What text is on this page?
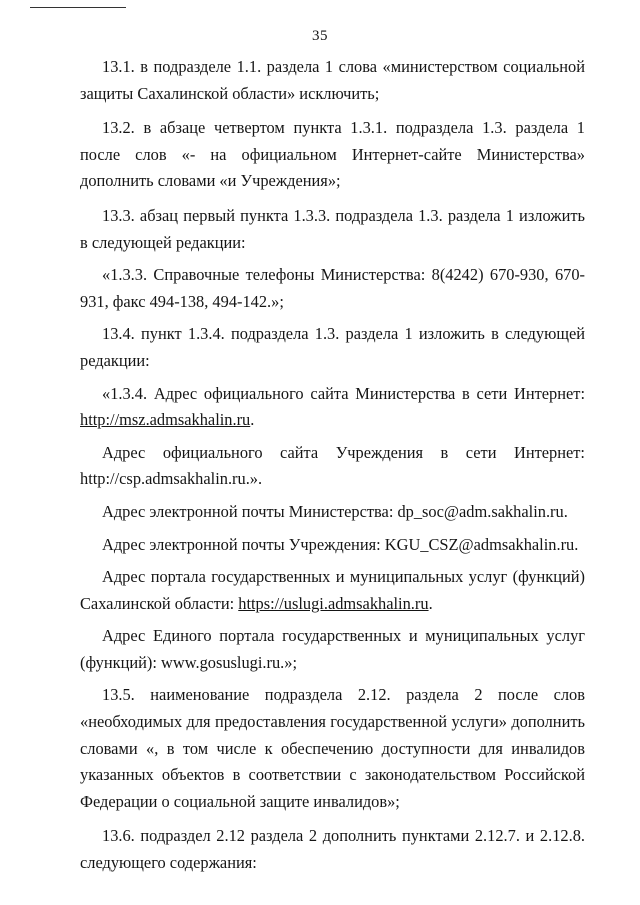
35

13.1. в подразделе 1.1. раздела 1 слова «министерством социальной защиты Сахалинской области» исключить;

13.2. в абзаце четвертом пункта 1.3.1. подраздела 1.3. раздела 1 после слов «- на официальном Интернет-сайте Министерства» дополнить словами «и Учреждения»;

13.3. абзац первый пункта 1.3.3. подраздела 1.3. раздела 1 изложить в следующей редакции:

«1.3.3. Справочные телефоны Министерства: 8(4242) 670-930, 670-931, факс 494-138, 494-142.»;

13.4. пункт 1.3.4. подраздела 1.3. раздела 1 изложить в следующей редакции:

«1.3.4. Адрес официального сайта Министерства в сети Интернет: http://msz.admsakhalin.ru.

Адрес официального сайта Учреждения в сети Интернет:
http://csp.admsakhalin.ru.».

Адрес электронной почты Министерства: dp_soc@adm.sakhalin.ru.

Адрес электронной почты Учреждения: KGU_CSZ@admsakhalin.ru.

Адрес портала государственных и муниципальных услуг (функций) Сахалинской области: https://uslugi.admsakhalin.ru.

Адрес Единого портала государственных и муниципальных услуг (функций): www.gosuslugi.ru.»;

13.5. наименование подраздела 2.12. раздела 2 после слов «необходимых для предоставления государственной услуги» дополнить словами «, в том числе к обеспечению доступности для инвалидов указанных объектов в соответствии с законодательством Российской Федерации о социальной защите инвалидов»;

13.6. подраздел 2.12 раздела 2 дополнить пунктами 2.12.7. и 2.12.8. следующего содержания:
